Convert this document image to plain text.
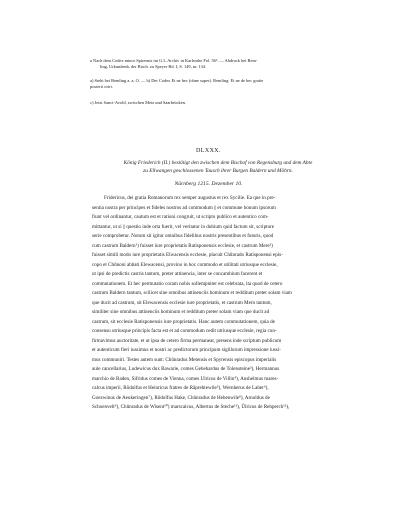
a Nach dem Codex minor Spirensis im G.L.Archiv in Karlsruhe Fol. 56ᵇ. — Abdruck bei Rem-
ling, Urkundenb. der Bisch. zu Speyer Bd. I, S. 149, nr. 134.
a) Steht bei Remling a. a. O. — b) Der Codex Et ne hec (ohne super). Remling: Et ne de hec gratie
posterii oriri.
c) Jetzt Sanct-Avold, zwischen Metz und Saarbrücken.
DLXXX.
König Friederich (II.) bestätigt den zwischen dem Bischof von Regensburg und dem Abte
zu Ellwangen geschlossenen Tausch ihrer Burgen Baldern und Möhrn.
Nürnberg 1215. Dezember 10.
Fridericus, dei gratia Romanorum rex semper augustus et rex Sycilie. Ea que in pre-
sentia nostra per principes et fideles nostros ad commodum || et commune bonum ipsorum
fiunt vel ordinantur, cautum est et rationi congruit, ut scripto publico et autentico com-
mittantur, ut si || questio inde orta fuerit, vel veritatur in dubium quid factum sit, scripture
serie comprobetur. Notum sit igitur omnibus fidelibus nostris presentibus et futuris, quod
cum castrum Baldern¹) fuisset iure proprietatis Ratisponensis ecclesie, et castrum Mere²)
fuisset simili modo iure proprietatis Elwacensis ecclesie, placuit Chůnrado Ratisponensi epis-
copo et Chůnoni abbati Elewacensi, provino in hoc commodo et utilitati utriusque ecclesie,
ut ipsi de predictis castris tantum, preter attinencia, inter se concambium facerent et
commutationem. Et hec permutatio coram nobis sollempniter est celebrata, ita quod de cetero
castrum Baldern tantum, scilicet sine omnibus attinenciis hominum et redditum preter solam viam
que ducit ad castrum, sit Elewacensis ecclesie iure proprietatis, et castrum Mern tantum,
similiter sine omnibus attinenciis hominum et redditum preter solam viam que ducit ad
castrum, sit ecclesie Ratisponensis iure proprietatis. Hanc autem commutationem, quia de
consensu utriusque principis facta est et ad commodum cedit utriusque ecclesie, regia con-
firmavimus auctoritate, et ut ipsa de cetero firma permaneat, presens inde scriptum publicum
et autenticum fieri iussimus et nostri ac predictorum principum sigillorum impressione iussi-
mus communiri. Testes autem sunt: Chůnradus Metensis et Spyrensis episcopus imperialis
aule cancellarius, Ludewicus dux Bawarie, comes Gebehardus de Tolensteine³), Hermannus
marchio de Baden, Sifridus comes de Vienna, comes Ulricus de Villin⁴), Anshelmus mares-
calcus imperii, Rǒdolfus et Heinricus fratres de Rāprehtewile⁵), Wernherus de Laber⁶),
Goezwinus de Aeukeringen⁷), Rǒdolfus Hake, Chůnradus de Hebenwile⁸), Arnoldus de
Schoenvelt⁹), Chůnradus de Wisent¹⁰) marscalcus, Albertus de Steche¹¹), Ůlricus de Rehperch¹²),
